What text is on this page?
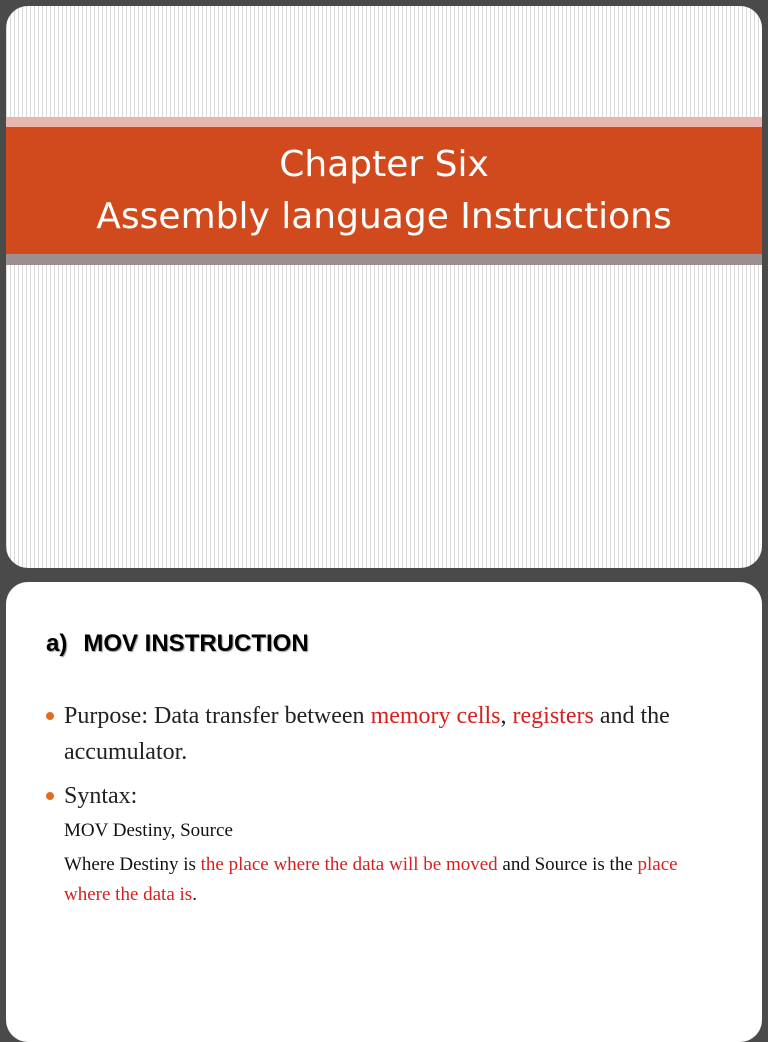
Chapter Six
Assembly language Instructions
a) MOV INSTRUCTION
Purpose: Data transfer between memory cells, registers and the accumulator.
Syntax:
MOV Destiny, Source
Where Destiny is the place where the data will be moved and Source is the place where the data is.
